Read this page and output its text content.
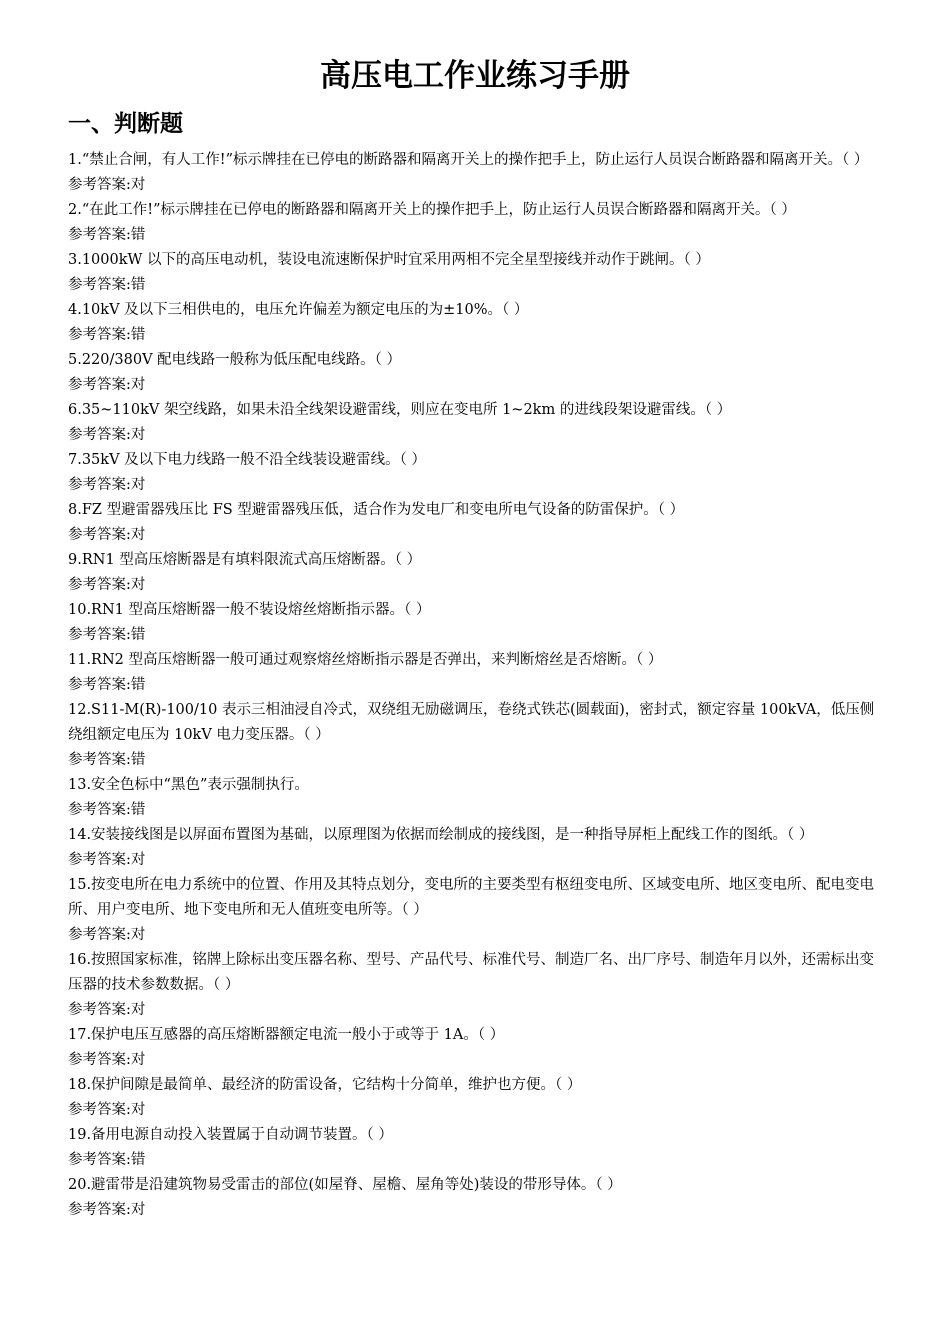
高压电工作业练习手册
一、判断题

1.“禁止合闸，有人工作!”标示牌挂在已停电的断路器和隔离开关上的操作把手上，防止运行人员误合断路器和隔离开关。（ ）

参考答案:对

2.“在此工作!”标示牌挂在已停电的断路器和隔离开关上的操作把手上，防止运行人员误合断路器和隔离开关。（ ）

参考答案:错

3.1000kW 以下的高压电动机，装设电流速断保护时宜采用两相不完全星型接线并动作于跳闸。（ ）

参考答案:错

4.10kV 及以下三相供电的，电压允许偏差为额定电压的为±10%。（ ）

参考答案:错

5.220/380V 配电线路一般称为低压配电线路。（ ）

参考答案:对

6.35~110kV 架空线路，如果未沿全线架设避雷线，则应在变电所 1~2km 的进线段架设避雷线。（ ）

参考答案:对

7.35kV 及以下电力线路一般不沿全线装设避雷线。（ ）

参考答案:对

8.FZ 型避雷器残压比 FS 型避雷器残压低，适合作为发电厂和变电所电气设备的防雷保护。（ ）

参考答案:对

9.RN1 型高压熔断器是有填料限流式高压熔断器。（ ）

参考答案:对

10.RN1 型高压熔断器一般不装设熔丝熔断指示器。（ ）

参考答案:错

11.RN2 型高压熔断器一般可通过观察熔丝熔断指示器是否弹出，来判断熔丝是否熔断。（ ）

参考答案:错

12.S11-M(R)-100/10 表示三相油浸自冷式，双绕组无励磁调压，卷绕式铁芯(圆载面)，密封式，额定容量 100kVA，低压侧绕组额定电压为 10kV 电力变压器。（ ）

参考答案:错

13.安全色标中“黑色”表示强制执行。

参考答案:错

14.安装接线图是以屏面布置图为基础，以原理图为依据而绘制成的接线图，是一种指导屏柜上配线工作的图纸。（ ）

参考答案:对

15.按变电所在电力系统中的位置、作用及其特点划分，变电所的主要类型有枢纽变电所、区域变电所、地区变电所、配电变电所、用户变电所、地下变电所和无人值班变电所等。（ ）

参考答案:对

16.按照国家标准，铭牌上除标出变压器名称、型号、产品代号、标准代号、制造厂名、出厂序号、制造年月以外，还需标出变压器的技术参数数据。（ ）

参考答案:对

17.保护电压互感器的高压熔断器额定电流一般小于或等于 1A。（ ）

参考答案:对

18.保护间隙是最简单、最经济的防雷设备，它结构十分简单，维护也方便。（ ）

参考答案:对

19.备用电源自动投入装置属于自动调节装置。（ ）

参考答案:错

20.避雷带是沿建筑物易受雷击的部位(如屋脊、屋檐、屋角等处)装设的带形导体。（ ）

参考答案:对
